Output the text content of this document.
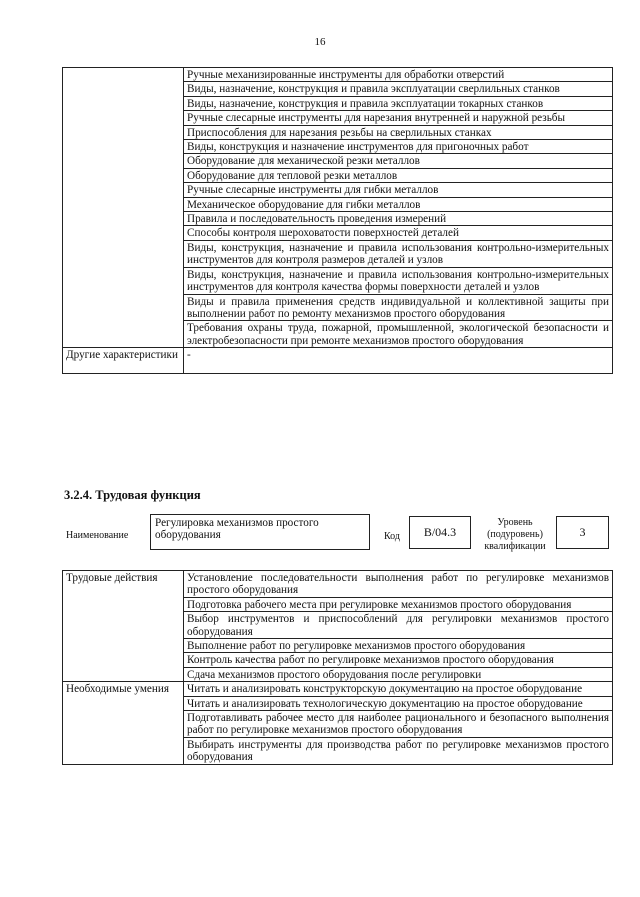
16
	Ручные механизированные инструменты для обработки отверстий
	Виды, назначение, конструкция и правила эксплуатации сверлильных станков
	Виды, назначение, конструкция и правила эксплуатации токарных станков
	Ручные слесарные инструменты для нарезания внутренней и наружной резьбы
	Приспособления для нарезания резьбы на сверлильных станках
	Виды, конструкция и назначение инструментов для пригоночных работ
	Оборудование для механической резки металлов
	Оборудование для тепловой резки металлов
	Ручные слесарные инструменты для гибки металлов
	Механическое оборудование для гибки металлов
	Правила и последовательность проведения измерений
	Способы контроля шероховатости поверхностей деталей
	Виды, конструкция, назначение и правила использования контрольно-измерительных инструментов для контроля размеров деталей и узлов
	Виды, конструкция, назначение и правила использования контрольно-измерительных инструментов для контроля качества формы поверхности деталей и узлов
	Виды и правила применения средств индивидуальной и коллективной защиты при выполнении работ по ремонту механизмов простого оборудования
	Требования охраны труда, пожарной, промышленной, экологической безопасности и электробезопасности при ремонте механизмов простого оборудования
Другие характеристики	-
3.2.4. Трудовая функция
Наименование
Регулировка механизмов простого оборудования	Код	B/04.3
Уровень (подуровень) квалификации
3
Трудовые действия	Установление последовательности выполнения работ по регулировке механизмов простого оборудования
	Подготовка рабочего места при регулировке механизмов простого оборудования
	Выбор инструментов и приспособлений для регулировки механизмов простого оборудования
	Выполнение работ по регулировке механизмов простого оборудования
	Контроль качества работ по регулировке механизмов простого оборудования
	Сдача механизмов простого оборудования после регулировки
Необходимые умения	Читать и анализировать конструкторскую документацию на простое оборудование
	Читать и анализировать технологическую документацию на простое оборудование
	Подготавливать рабочее место для наиболее рационального и безопасного выполнения работ по регулировке механизмов простого оборудования
	Выбирать инструменты для производства работ по регулировке механизмов простого оборудования
